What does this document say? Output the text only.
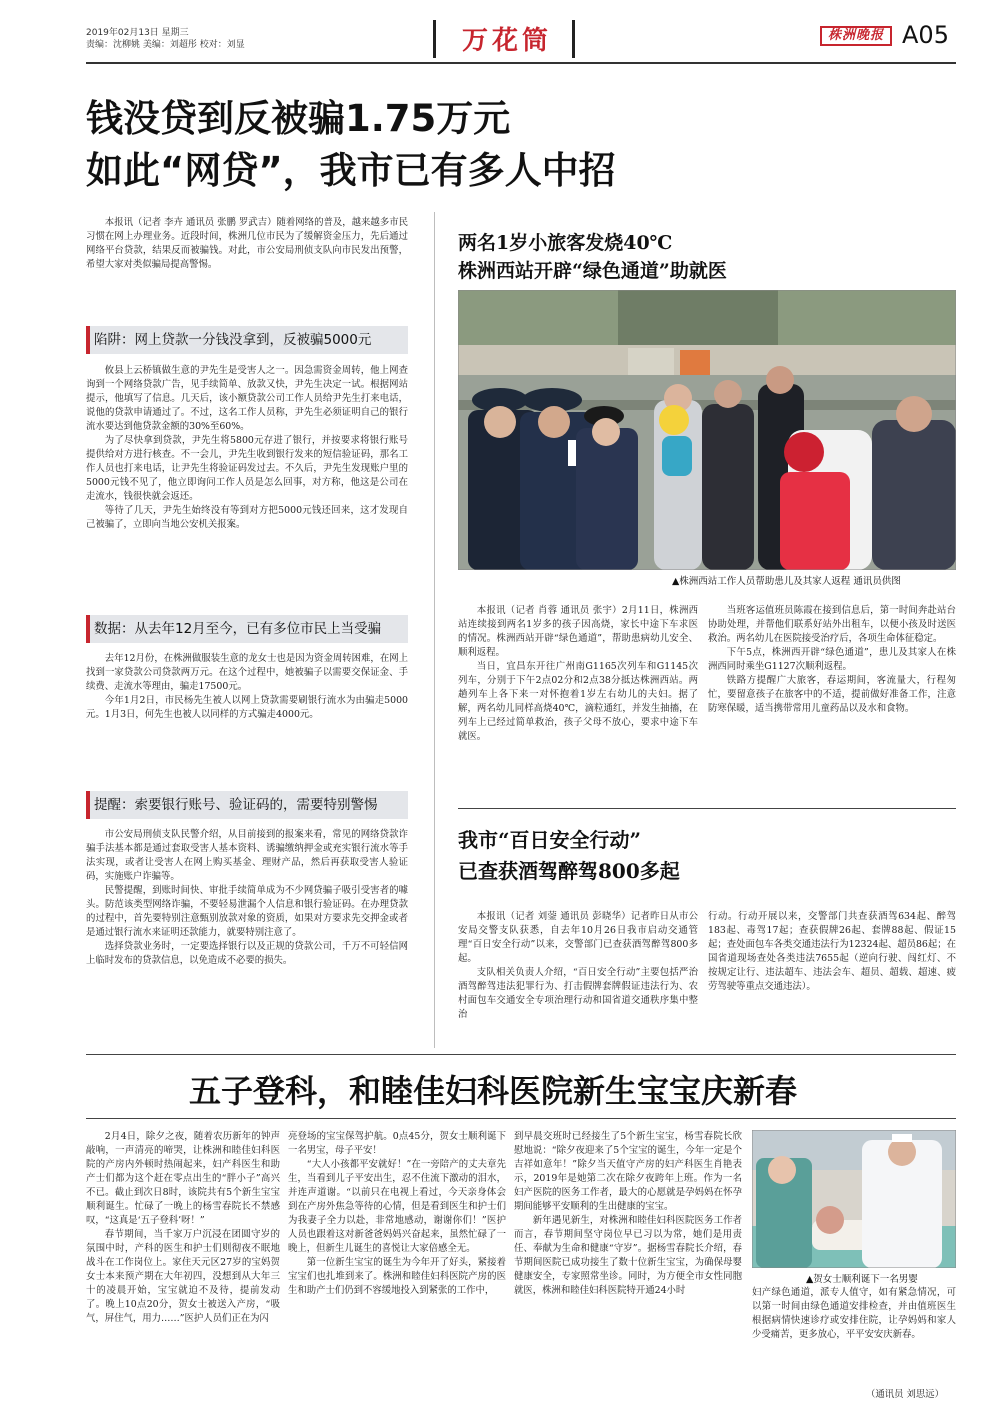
2019年02月13日 星期三
责编：沈柳姚 美编：刘超彤 校对：刘显	万花筒	株洲晚报 A05
钱没贷到反被骗1.75万元
如此“网贷”，我市已有多人中招
本报讯（记者 李卉 通讯员 张鹏 罗武吉）随着网络的普及，越来越多市民习惯在网上办理业务。近段时间，株洲几位市民为了缓解资金压力，先后通过网络平台贷款，结果反而被骗钱。对此，市公安局刑侦支队向市民发出预警，希望大家对类似骗局提高警惕。
陷阱：网上贷款一分钱没拿到，反被骗5000元

攸县上云桥镇做生意的尹先生是受害人之一。因急需资金周转，他上网查询到一个网络贷款广告，见手续简单、放款又快，尹先生决定一试。根据网站提示，他填写了信息。几天后，该小额贷款公司工作人员给尹先生打来电话，说他的贷款申请通过了。不过，这名工作人员称，尹先生必须证明自己的银行流水要达到他贷款金额的30%至60%。

为了尽快拿到贷款，尹先生将5800元存进了银行，并按要求将银行账号提供给对方进行核查。不一会儿，尹先生收到银行发来的短信验证码，那名工作人员也打来电话，让尹先生将验证码发过去。不久后，尹先生发现账户里的5000元钱不见了，他立即询问工作人员是怎么回事，对方称，他这是公司在走流水，钱很快就会返还。

等待了几天，尹先生始终没有等到对方把5000元钱还回来，这才发现自己被骗了，立即向当地公安机关报案。

数据：从去年12月至今，已有多位市民上当受骗

去年12月份，在株洲做服装生意的龙女士也是因为资金周转困难，在网上找到一家贷款公司贷款两万元。在这个过程中，她被骗子以需要交保证金、手续费、走流水等理由，骗走17500元。

今年1月2日，市民杨先生被人以网上贷款需要刷银行流水为由骗走5000元。1月3日，何先生也被人以同样的方式骗走4000元。

提醒：索要银行账号、验证码的，需要特别警惕

市公安局刑侦支队民警介绍，从目前接到的报案来看，常见的网络贷款诈骗手法基本都是通过套取受害人基本资料、诱骗缴纳押金或充实银行流水等手法实现，或者让受害人在网上购买基金、理财产品，然后再获取受害人验证码，实施账户诈骗等。

民警提醒，到账时间快、审批手续简单成为不少网贷骗子吸引受害者的噱头。防范该类型网络诈骗，不要轻易泄漏个人信息和银行验证码。在办理贷款的过程中，首先要特别注意甄别放款对象的资质，如果对方要求先交押金或者是通过银行流水来证明还款能力，就要特别注意了。

选择贷款业务时，一定要选择银行以及正规的贷款公司，千万不可轻信网上临时发布的贷款信息，以免造成不必要的损失。

两名1岁小旅客发烧40℃
株洲西站开辟“绿色通道”助就医
▲株洲西站工作人员帮助患儿及其家人返程 通讯员供图

本报讯（记者 肖蓉 通讯员 张宇）2月11日，株洲西站连续接到两名1岁多的孩子因高烧，家长中途下车求医的情况。株洲西站开辟“绿色通道”，帮助患病幼儿安全、顺利返程。

当日，宜昌东开往广州南G1165次列车和G1145次列车，分别于下午2点02分和2点38分抵达株洲西站。两趟列车上各下来一对怀抱着1岁左右幼儿的夫妇。据了解，两名幼儿同样高烧40℃，滴粒通红，并发生抽搐，在列车上已经过简单救治，孩子父母不放心，要求中途下车就医。

当班客运值班员陈霞在接到信息后，第一时间奔赴站台协助处理，并帮他们联系好站外出租车，以便小孩及时送医救治。两名幼儿在医院接受治疗后，各项生命体征稳定。

下午5点，株洲西开辟“绿色通道”，患儿及其家人在株洲西同时乘坐G1127次顺利返程。

铁路方提醒广大旅客，春运期间，客流量大，行程匆忙，要留意孩子在旅客中的不适，提前做好准备工作，注意防寒保暖，适当携带常用儿童药品以及水和食物。

我市“百日安全行动”
已查获酒驾醉驾800多起

本报讯（记者 刘蓥 通讯员 彭晓华）记者昨日从市公安局交警支队获悉，自去年10月26日我市启动交通管理“百日安全行动”以来，交警部门已查获酒驾醉驾800多起。

支队相关负责人介绍，“百日安全行动”主要包括严治酒驾醉驾违法犯罪行为、打击假牌套牌假证违法行为、农村面包车交通安全专项治理行动和国省道交通秩序集中整治

行动。行动开展以来，交警部门共查获酒驾634起、醉驾183起、毒驾17起；查获假牌26起、套牌88起、假证15起；查处面包车各类交通违法行为12324起、超员86起；在国省道现场查处各类违法7655起（逆向行驶、闯红灯、不按规定让行、违法超车、违法会车、超员、超载、超速、疲劳驾驶等重点交通违法）。

五子登科，和睦佳妇科医院新生宝宝庆新春

2月4日，除夕之夜，随着农历新年的钟声敲响，一声清亮的啼哭，让株洲和睦佳妇科医院的产房内外顿时热闹起来，妇产科医生和助产士们都为这个赶在零点出生的“胖小子”高兴不已。截止到次日8时，该院共有5个新生宝宝顺利诞生。忙碌了一晚上的杨雪春院长不禁感叹，“这真是‘五子登科’呀！”

春节期间，当千家万户沉浸在团圆守岁的氛围中时，产科的医生和护士们则彻夜不眠地战斗在工作岗位上。家住天元区27岁的宝妈贺女士本来预产期在大年初四，没想到从大年三十的凌晨开始，宝宝就迫不及待，提前发动了。晚上10点20分，贺女士被送入产房，“吸气，屏住气，用力……”医护人员们正在为闪

亮登场的宝宝保驾护航。0点45分，贺女士顺利诞下一名男宝，母子平安！

“大人小孩都平安就好！”在一旁陪产的丈夫章先生，当看到儿子平安出生，忍不住流下激动的泪水，并连声道谢。“以前只在电视上看过，今天亲身体会到在产房外焦急等待的心情，但是看到医生和护士们为我妻子全力以赴，非常地感动，谢谢你们！”医护人员也跟着这对新爸爸妈妈兴奋起来，虽然忙碌了一晚上，但新生儿诞生的喜悦让大家倍感全无。

第一位新生宝宝的诞生为今年开了好头，紧接着宝宝们也扎堆到来了。株洲和睦佳妇科医院产房的医生和助产士们仍到不容缓地投入到紧张的工作中，

到早晨交班时已经接生了5个新生宝宝，杨雪春院长欣慰地说：“除夕夜迎来了5个宝宝的诞生，今年一定是个吉祥如意年！”除夕当天值守产房的妇产科医生肖艳表示，2019年是她第二次在除夕夜跨年上班。作为一名妇产医院的医务工作者，最大的心愿就是孕妈妈在怀孕期间能够平安顺利的生出健康的宝宝。

新年遇见新生，对株洲和睦佳妇科医院医务工作者而言，春节期间坚守岗位早已习以为常，她们是用责任、奉献为生命和健康“守岁”。据杨雪春院长介绍，春节期间医院已成功接生了数十位新生宝宝，为确保母婴健康安全，专家照常坐诊。同时，为方便全市女性同胞就医，株洲和睦佳妇科医院特开通24小时

▲贺女士顺利诞下一名男婴

妇产绿色通道，派专人值守，如有紧急情况，可以第一时间由绿色通道安排检查，并由值班医生根据病情快速诊疗或安排住院，让孕妈妈和家人少受痛苦，更多放心，平平安安庆新春。

（通讯员 刘思远）
